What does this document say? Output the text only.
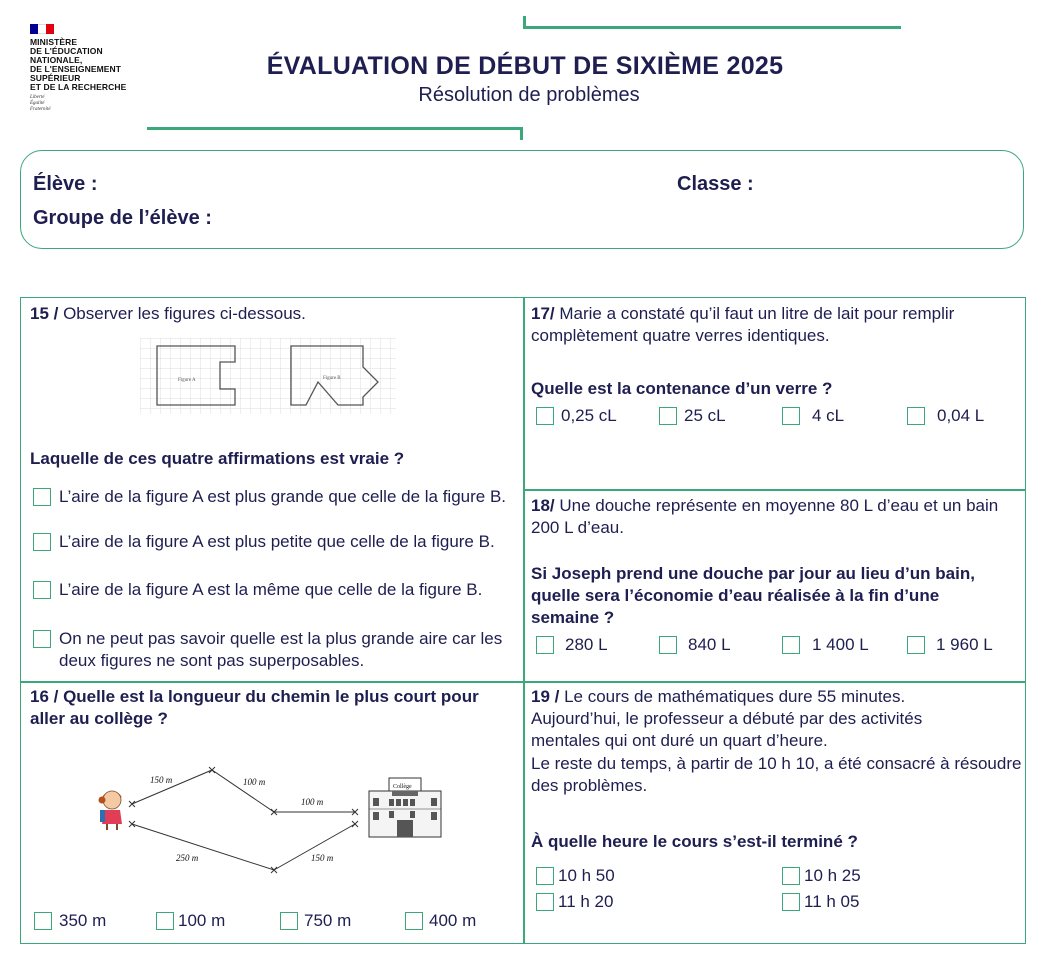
MINISTÈRE
DE L'ÉDUCATION
NATIONALE,
DE L'ENSEIGNEMENT
SUPÉRIEUR
ET DE LA RECHERCHE
Liberté
Égalité
Fraternité
ÉVALUATION DE DÉBUT DE SIXIÈME 2025
Résolution de problèmes
Élève :	Classe :
Groupe de l’élève :
15 / Observer les figures ci-dessous.
Figure A	Figure B
Laquelle de ces quatre affirmations est vraie ?
L’aire de la figure A est plus grande que celle de la figure B.
L’aire de la figure A est plus petite que celle de la figure B.
L’aire de la figure A est la même que celle de la figure B.
On ne peut pas savoir quelle est la plus grande aire car les deux figures ne sont pas superposables.
16 / Quelle est la longueur du chemin le plus court pour aller au collège ?
150 m	100 m
100 m
250 m	150 m
Collège
350 m	100 m	750 m	400 m
17/ Marie a constaté qu’il faut un litre de lait pour remplir complètement quatre verres identiques.
Quelle est la contenance d’un verre ?
0,25 cL	25 cL	4 cL	0,04 L
18/ Une douche représente en moyenne 80 L d’eau et un bain 200 L d’eau.
Si Joseph prend une douche par jour au lieu d’un bain, quelle sera l’économie d’eau réalisée à la fin d’une semaine ?
280 L	840 L	1 400 L	1 960 L
19 / Le cours de mathématiques dure 55 minutes. Aujourd’hui, le professeur a débuté par des activités mentales qui ont duré un quart d’heure.
Le reste du temps, à partir de 10 h 10, a été consacré à résoudre des problèmes.
À quelle heure le cours s’est-il terminé ?
10 h 50	10 h 25
11 h 20	11 h 05
